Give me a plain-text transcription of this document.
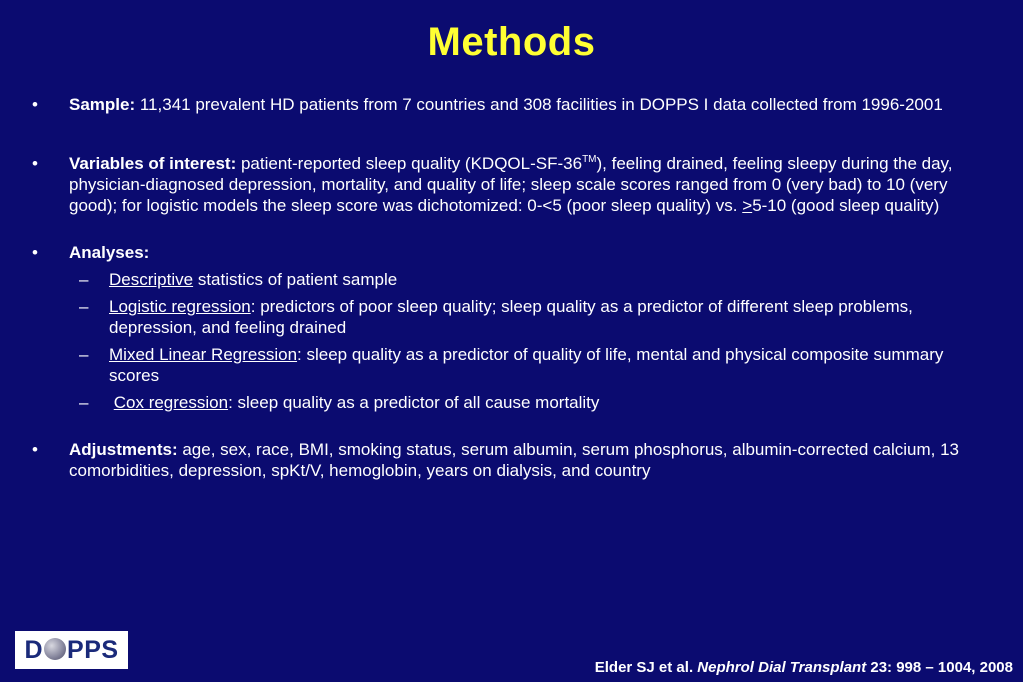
Methods
• Sample: 11,341 prevalent HD patients from 7 countries and 308 facilities in DOPPS I data collected from 1996-2001
• Variables of interest: patient-reported sleep quality (KDQOL-SF-36™), feeling drained, feeling sleepy during the day, physician-diagnosed depression, mortality, and quality of life; sleep scale scores ranged from 0 (very bad) to 10 (very good); for logistic models the sleep score was dichotomized: 0-<5 (poor sleep quality) vs. >5-10 (good sleep quality)
• Analyses:
– Descriptive statistics of patient sample
– Logistic regression: predictors of poor sleep quality; sleep quality as a predictor of different sleep problems, depression, and feeling drained
– Mixed Linear Regression: sleep quality as a predictor of quality of life, mental and physical composite summary scores
– Cox regression: sleep quality as a predictor of all cause mortality
• Adjustments: age, sex, race, BMI, smoking status, serum albumin, serum phosphorus, albumin-corrected calcium, 13 comorbidities, depression, spKt/V, hemoglobin, years on dialysis, and country
D PPS
Elder SJ et al. Nephrol Dial Transplant 23: 998 – 1004, 2008
